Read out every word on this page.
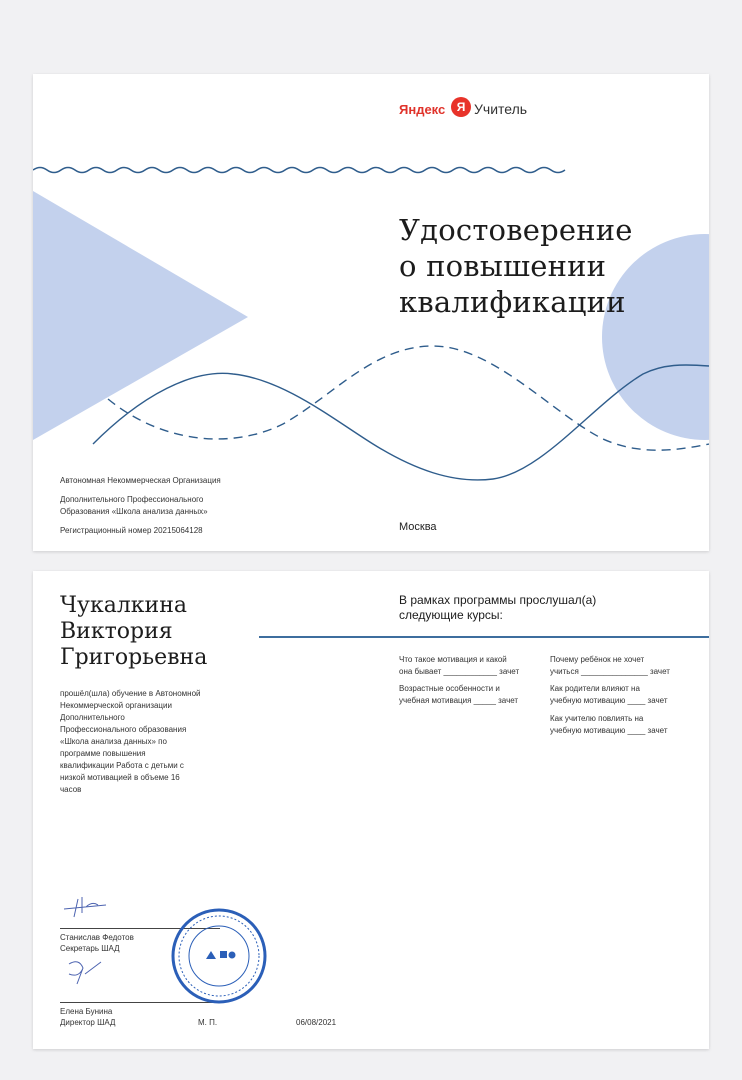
Яндекс Я Учитель
Удостоверение
о повышении
квалификации

Автономная Некоммерческая Организация

Дополнительного Профессионального

Образования «Школа анализа данных»

Регистрационный номер 20215064128	Москва
Чукалкина
Виктория
Григорьевна
прошёл(шла) обучение в Автономной
Некоммерческой организации
Дополнительного
Профессионального образования
«Школа анализа данных» по
программе повышения
квалификации Работа с детьми с
низкой мотивацией в объеме 16
часов
В рамках программы прослушал(а)
следующие курсы:
Что такое мотивация и какой
она бывает ____________ зачет
Возрастные особенности и
учебная мотивация _____ зачет
Почему ребёнок не хочет
учиться _______________ зачет
Как родители влияют на
учебную мотивацию ____ зачет
Как учителю повлиять на
учебную мотивацию ____ зачет
Станислав Федотов
Секретарь ШАД
Елена Бунина
Директор ШАД	М. П.	06/08/2021
